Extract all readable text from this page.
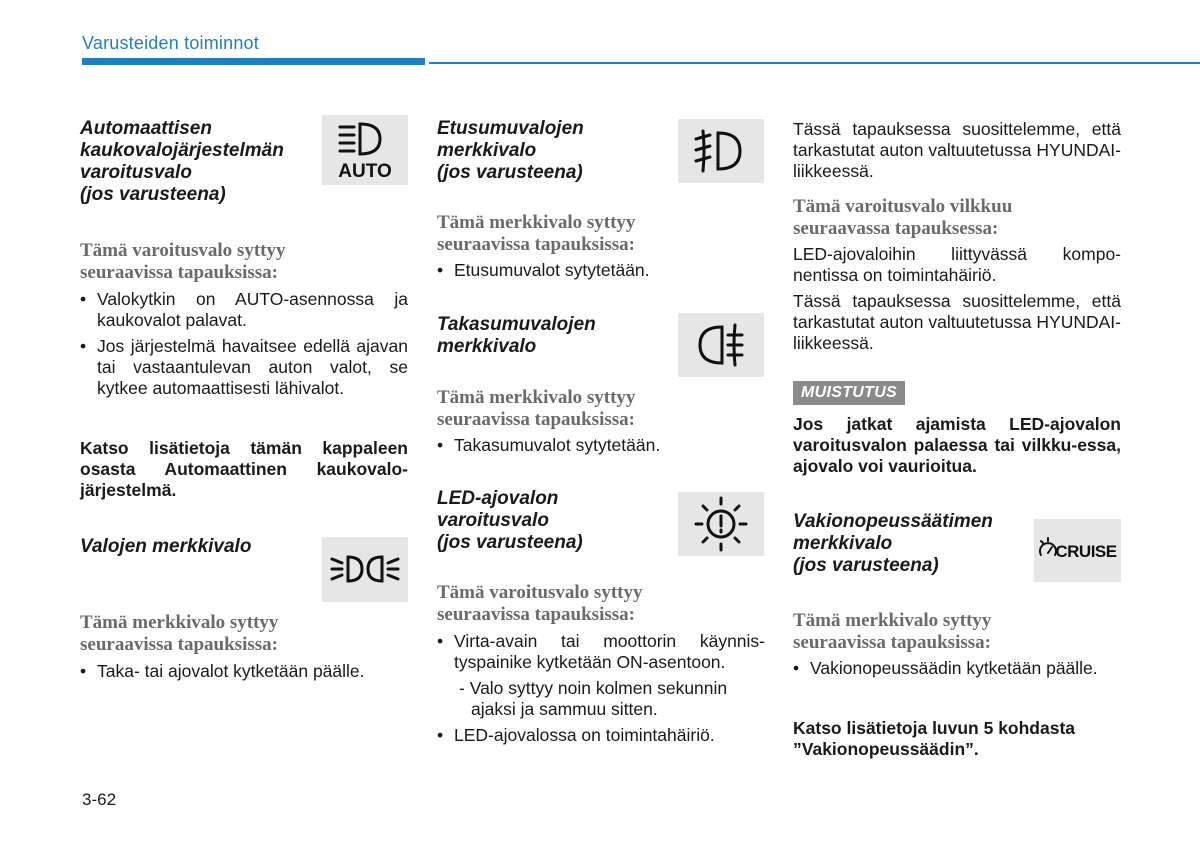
Varusteiden toiminnot
Automaattisen
kaukovalojärjestelmän
varoitusvalo
(jos varusteena)
AUTO
Tämä varoitusvalo syttyy
seuraavissa tapauksissa:
• Valokytkin on AUTO-asennossa ja kaukovalot palavat.
• Jos järjestelmä havaitsee edellä ajavan tai vastaantulevan auton valot, se kytkee automaattisesti lähivalot.
Katso lisätietoja tämän kappaleen osasta Automaattinen kaukovalo-järjestelmä.
Valojen merkkivalo
Tämä merkkivalo syttyy
seuraavissa tapauksissa:
• Taka- tai ajovalot kytketään päälle.
Etusumuvalojen
merkkivalo
(jos varusteena)
Tämä merkkivalo syttyy
seuraavissa tapauksissa:
• Etusumuvalot sytytetään.
Takasumuvalojen
merkkivalo
Tämä merkkivalo syttyy
seuraavissa tapauksissa:
• Takasumuvalot sytytetään.
LED-ajovalon
varoitusvalo
(jos varusteena)
Tämä varoitusvalo syttyy
seuraavissa tapauksissa:
• Virta-avain tai moottorin käynnis-tyspainike kytketään ON-asentoon.
- Valo syttyy noin kolmen sekunnin ajaksi ja sammuu sitten.
• LED-ajovalossa on toimintahäiriö.
Tässä tapauksessa suosittelemme, että tarkastutat auton valtuutetussa HYUNDAI-liikkeessä.
Tämä varoitusvalo vilkkuu
seuraavassa tapauksessa:
LED-ajovaloihin liittyvässä kompo-nentissa on toimintahäiriö.
Tässä tapauksessa suosittelemme, että tarkastutat auton valtuutetussa HYUNDAI-liikkeessä.
MUISTUTUS
Jos jatkat ajamista LED-ajovalon varoitusvalon palaessa tai vilkku-essa, ajovalo voi vaurioitua.
Vakionopeussäätimen
merkkivalo
(jos varusteena)
CRUISE
Tämä merkkivalo syttyy
seuraavissa tapauksissa:
• Vakionopeussäädin kytketään päälle.
Katso lisätietoja luvun 5 kohdasta
”Vakionopeussäädin”.
3-62
